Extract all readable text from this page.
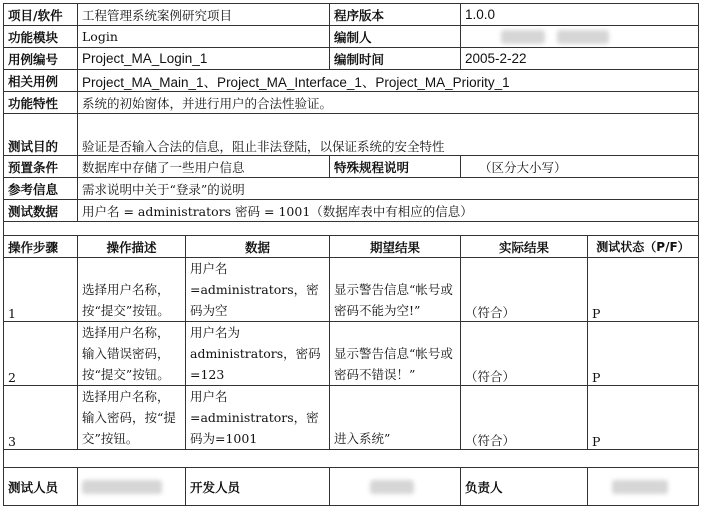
项目/软件	工程管理系统案例研究项目		程序版本	1.0.0	
功能模块	Login		编制人		
用例编号	Project_MA_Login_1		编制时间	2005-2-22	
相关用例	Project_MA_Main_1、Project_MA_Interface_1、Project_MA_Priority_1				
功能特性	系统的初始窗体，并进行用户的合法性验证。				
测试目的	验证是否输入合法的信息，阻止非法登陆，以保证系统的安全特性				
预置条件	数据库中存储了一些用户信息		特殊规程说明	（区分大小写）	
参考信息	需求说明中关于“登录”的说明				
测试数据	用户名 = administrators 密码 = 1001（数据库表中有相应的信息）				

操作步骤	操作描述	数据	期望结果	实际结果	测试状态（P/F）
1	选择用户名称，按“提交”按钮。	用户名=administrators，密码为空	显示警告信息“帐号或密码不能为空!”	（符合）	P
2	选择用户名称，输入错误密码，按“提交”按钮。	用户名为administrators，密码=123	显示警告信息“帐号或密码不错误！”	（符合）	P
3	选择用户名称，输入密码，按“提交”按钮。	用户名=administrators，密码为=1001	进入系统”	（符合）	P

测试人员		开发人员		负责人	
